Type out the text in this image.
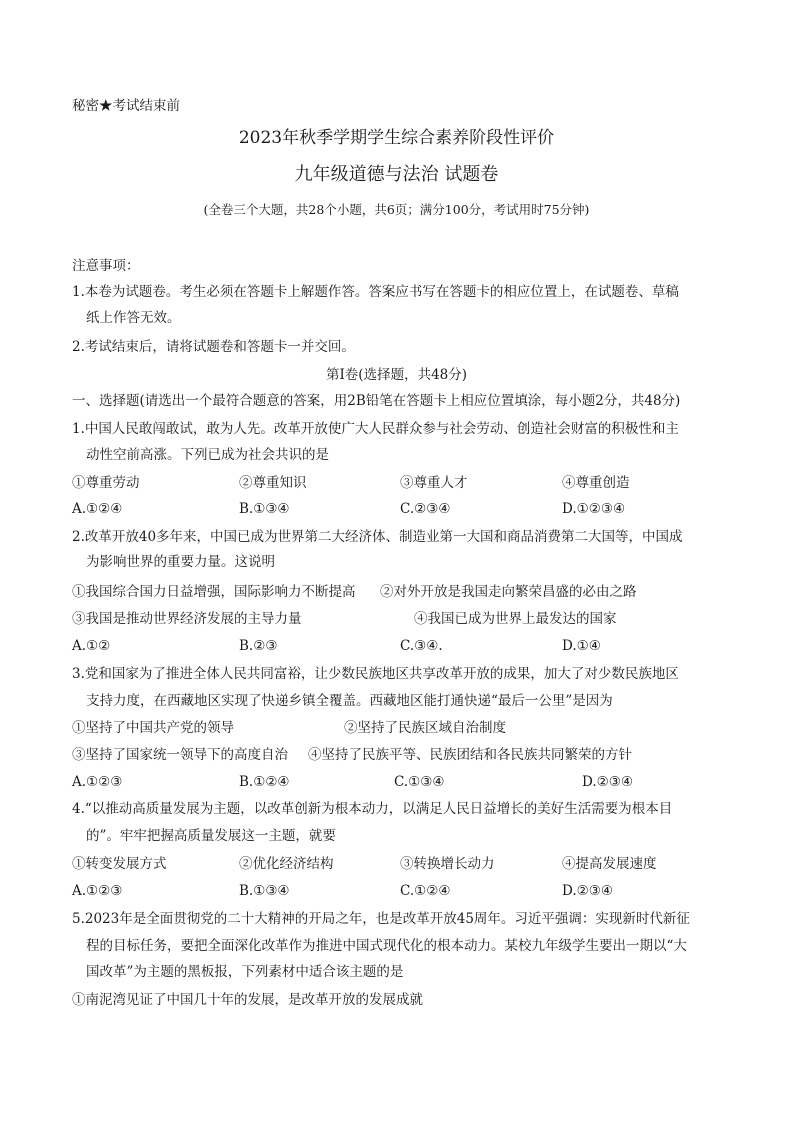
秘密★考试结束前
2023年秋季学期学生综合素养阶段性评价
九年级道德与法治 试题卷
(全卷三个大题，共28个小题，共6页；满分100分，考试用时75分钟)
注意事项：
1.本卷为试题卷。考生必须在答题卡上解题作答。答案应书写在答题卡的相应位置上，在试题卷、草稿
纸上作答无效。
2.考试结束后，请将试题卷和答题卡一并交回。
第Ⅰ卷(选择题，共48分)
一、选择题(请选出一个最符合题意的答案，用2B铅笔在答题卡上相应位置填涂，每小题2分，共48分)
1.中国人民敢闯敢试，敢为人先。改革开放使广大人民群众参与社会劳动、创造社会财富的积极性和主
动性空前高涨。下列已成为社会共识的是
①尊重劳动	②尊重知识	③尊重人才	④尊重创造
A.①②④	B.①③④	C.②③④	D.①②③④
2.改革开放40多年来，中国已成为世界第二大经济体、制造业第一大国和商品消费第二大国等，中国成
为影响世界的重要力量。这说明
①我国综合国力日益增强，国际影响力不断提高 ②对外开放是我国走向繁荣昌盛的必由之路
③我国是推动世界经济发展的主导力量	④我国已成为世界上最发达的国家
A.①②	B.②③	C.③④.	D.①④
3.党和国家为了推进全体人民共同富裕，让少数民族地区共享改革开放的成果，加大了对少数民族地区
支持力度，在西藏地区实现了快递乡镇全覆盖。西藏地区能打通快递“最后一公里”是因为
①坚持了中国共产党的领导	②坚持了民族区域自治制度
③坚持了国家统一领导下的高度自治 ④坚持了民族平等、民族团结和各民族共同繁荣的方针
A.①②③	B.①②④	C.①③④	D.②③④
4.“以推动高质量发展为主题，以改革创新为根本动力，以满足人民日益增长的美好生活需要为根本目
的”。牢牢把握高质量发展这一主题，就要
①转变发展方式	②优化经济结构	③转换增长动力	④提高发展速度
A.①②③	B.①③④	C.①②④	D.②③④
5.2023年是全面贯彻党的二十大精神的开局之年，也是改革开放45周年。习近平强调：实现新时代新征
程的目标任务，要把全面深化改革作为推进中国式现代化的根本动力。某校九年级学生要出一期以“大
国改革”为主题的黑板报，下列素材中适合该主题的是
①南泥湾见证了中国几十年的发展，是改革开放的发展成就
